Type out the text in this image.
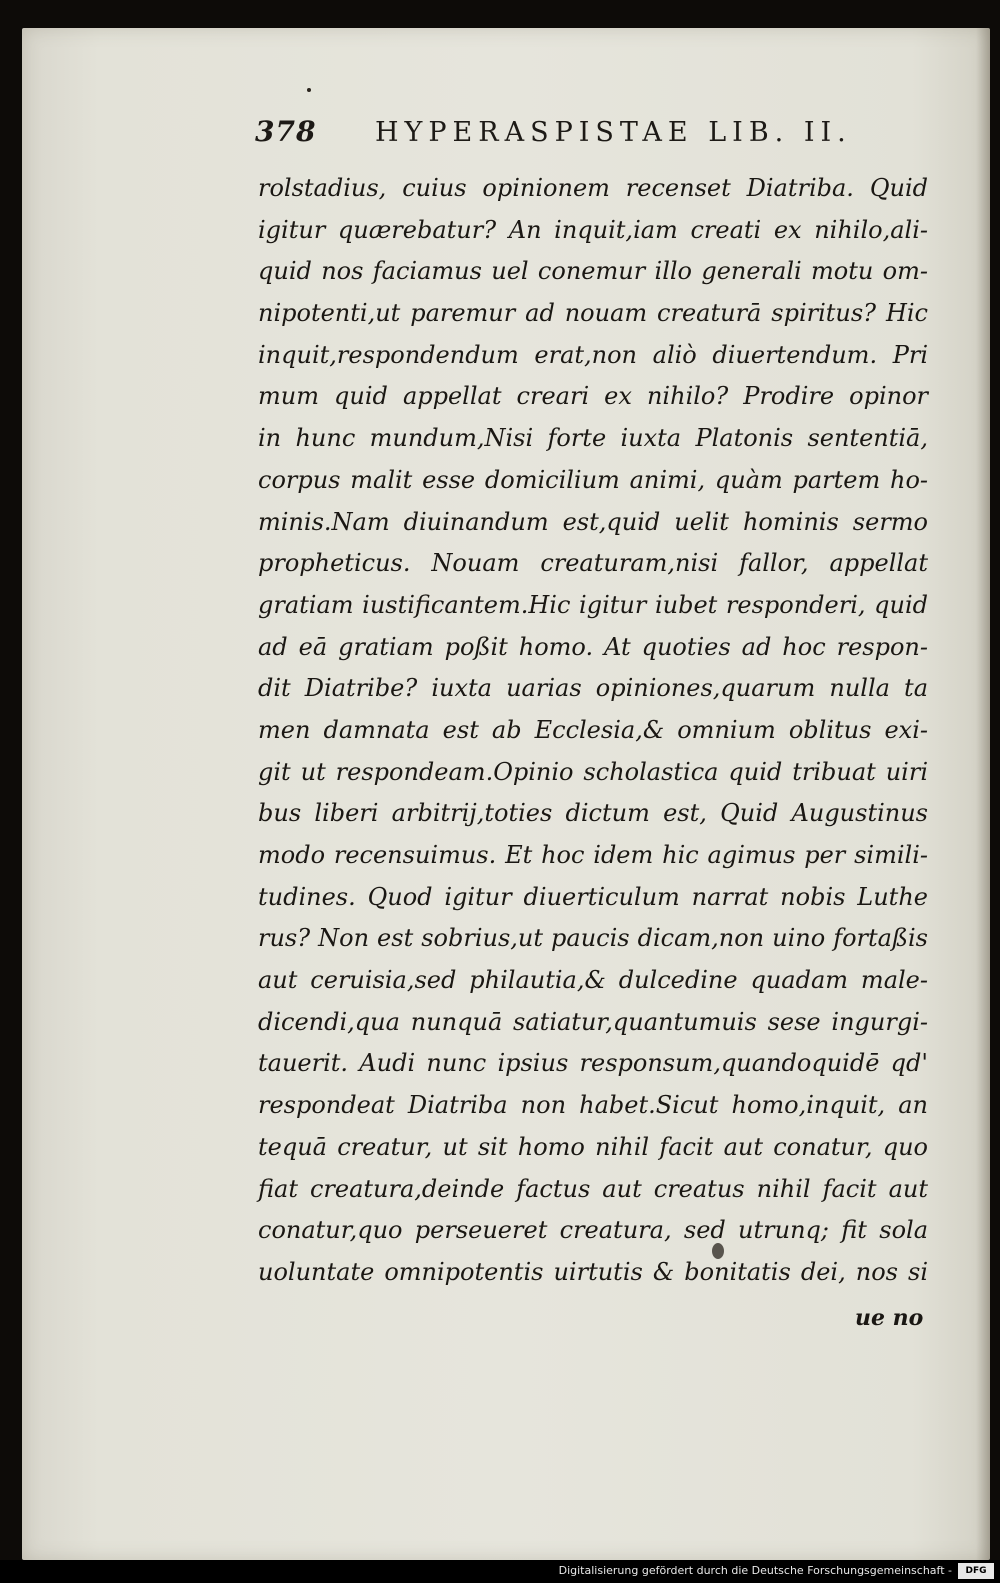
378 HYPERASPISTAE LIB. II.
rolstadius, cuius opinionem recenset Diatriba. Quid
igitur quærebatur? An inquit,iam creati ex nihilo,ali-
quid nos faciamus uel conemur illo generali motu om-
nipotenti,ut paremur ad nouam creaturā spiritus? Hic
inquit,respondendum erat,non aliò diuertendum. Pri
mum quid appellat creari ex nihilo? Prodire opinor
in hunc mundum,Nisi forte iuxta Platonis sententiā,
corpus malit esse domicilium animi, quàm partem ho-
minis.Nam diuinandum est,quid uelit hominis sermo
propheticus. Nouam creaturam,nisi fallor, appellat
gratiam iustificantem.Hic igitur iubet responderi, quid
ad eā gratiam poßit homo. At quoties ad hoc respon-
dit Diatribe? iuxta uarias opiniones,quarum nulla ta
men damnata est ab Ecclesia,& omnium oblitus exi-
git ut respondeam.Opinio scholastica quid tribuat uiri
bus liberi arbitrij,toties dictum est, Quid Augustinus
modo recensuimus. Et hoc idem hic agimus per simili-
tudines. Quod igitur diuerticulum narrat nobis Luthe
rus? Non est sobrius,ut paucis dicam,non uino fortaßis
aut ceruisia,sed philautia,& dulcedine quadam male-
dicendi,qua nunquā satiatur,quantumuis sese ingurgi-
tauerit. Audi nunc ipsius responsum,quandoquidē qd'
respondeat Diatriba non habet.Sicut homo,inquit, an
tequā creatur, ut sit homo nihil facit aut conatur, quo
fiat creatura,deinde factus aut creatus nihil facit aut
conatur,quo perseueret creatura, sed utrunq; fit sola
uoluntate omnipotentis uirtutis & bonitatis dei, nos si
ue no
Digitalisierung gefördert durch die Deutsche Forschungsgemeinschaft -	DFG
